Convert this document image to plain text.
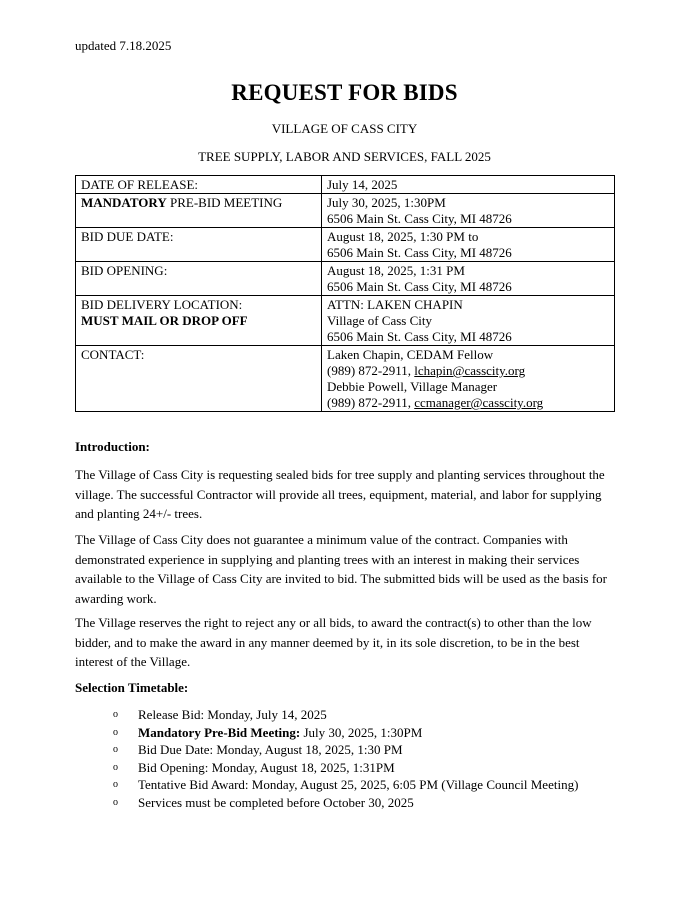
updated 7.18.2025
REQUEST FOR BIDS
VILLAGE OF CASS CITY
TREE SUPPLY, LABOR AND SERVICES, FALL 2025
DATE OF RELEASE:	July 14, 2025
MANDATORY PRE-BID MEETING	July 30, 2025, 1:30PM
6506 Main St. Cass City, MI 48726

BID DUE DATE:	August 18, 2025, 1:30 PM to
6506 Main St. Cass City, MI 48726

BID OPENING:	August 18, 2025, 1:31 PM
6506 Main St. Cass City, MI 48726

BID DELIVERY LOCATION:
MUST MAIL OR DROP OFF	ATTN: LAKEN CHAPIN
Village of Cass City
6506 Main St. Cass City, MI 48726

CONTACT:	Laken Chapin, CEDAM Fellow
(989) 872-2911, lchapin@casscity.org
Debbie Powell, Village Manager
(989) 872-2911, ccmanager@casscity.org
Introduction:
The Village of Cass City is requesting sealed bids for tree supply and planting services throughout the village. The successful Contractor will provide all trees, equipment, material, and labor for supplying and planting 24+/- trees.
The Village of Cass City does not guarantee a minimum value of the contract. Companies with demonstrated experience in supplying and planting trees with an interest in making their services available to the Village of Cass City are invited to bid. The submitted bids will be used as the basis for awarding work.
The Village reserves the right to reject any or all bids, to award the contract(s) to other than the low bidder, and to make the award in any manner deemed by it, in its sole discretion, to be in the best interest of the Village.
Selection Timetable:
o Release Bid: Monday, July 14, 2025
o Mandatory Pre-Bid Meeting: July 30, 2025, 1:30PM
o Bid Due Date: Monday, August 18, 2025, 1:30 PM
o Bid Opening: Monday, August 18, 2025, 1:31PM
o Tentative Bid Award: Monday, August 25, 2025, 6:05 PM (Village Council Meeting)
o Services must be completed before October 30, 2025
